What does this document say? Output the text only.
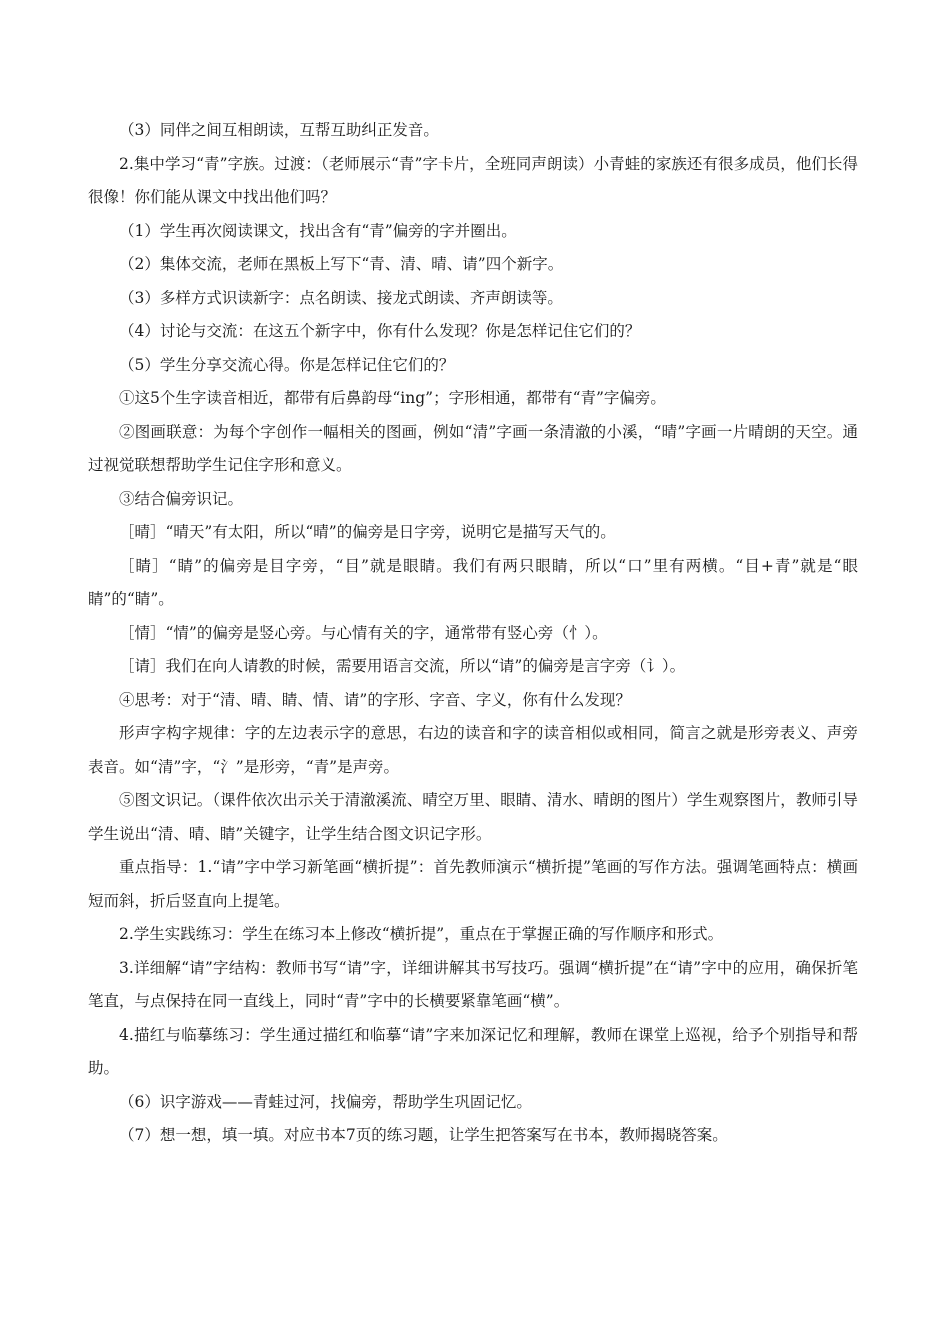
（3）同伴之间互相朗读，互帮互助纠正发音。

2.集中学习“青”字族。过渡：（老师展示“青”字卡片，全班同声朗读）小青蛙的家族还有很多成员，他们长得很像！你们能从课文中找出他们吗？

（1）学生再次阅读课文，找出含有“青”偏旁的字并圈出。

（2）集体交流，老师在黑板上写下“青、清、晴、请”四个新字。

（3）多样方式识读新字：点名朗读、接龙式朗读、齐声朗读等。

（4）讨论与交流：在这五个新字中，你有什么发现？你是怎样记住它们的？

（5）学生分享交流心得。你是怎样记住它们的？

①这5个生字读音相近，都带有后鼻韵母“ing”；字形相通，都带有“青”字偏旁。

②图画联意：为每个字创作一幅相关的图画，例如“清”字画一条清澈的小溪，“晴”字画一片晴朗的天空。通过视觉联想帮助学生记住字形和意义。

③结合偏旁识记。

［晴］“晴天”有太阳，所以“晴”的偏旁是日字旁，说明它是描写天气的。

［睛］“睛”的偏旁是目字旁，“目”就是眼睛。我们有两只眼睛，所以“口”里有两横。“目+青”就是“眼睛”的“睛”。

［情］“情”的偏旁是竖心旁。与心情有关的字，通常带有竖心旁（忄）。

［请］我们在向人请教的时候，需要用语言交流，所以“请”的偏旁是言字旁（讠）。

④思考：对于“清、晴、睛、情、请”的字形、字音、字义，你有什么发现？

形声字构字规律：字的左边表示字的意思，右边的读音和字的读音相似或相同，简言之就是形旁表义、声旁表音。如“清”字，“氵”是形旁，“青”是声旁。

⑤图文识记。（课件依次出示关于清澈溪流、晴空万里、眼睛、清水、晴朗的图片）学生观察图片，教师引导学生说出“清、晴、睛”关键字，让学生结合图文识记字形。

重点指导：1.“请”字中学习新笔画“横折提”：首先教师演示“横折提”笔画的写作方法。强调笔画特点：横画短而斜，折后竖直向上提笔。

2.学生实践练习：学生在练习本上修改“横折提”，重点在于掌握正确的写作顺序和形式。

3.详细解“请”字结构：教师书写“请”字，详细讲解其书写技巧。强调“横折提”在“请”字中的应用，确保折笔笔直，与点保持在同一直线上，同时“青”字中的长横要紧靠笔画“横”。

4.描红与临摹练习：学生通过描红和临摹“请”字来加深记忆和理解，教师在课堂上巡视，给予个别指导和帮助。

（6）识字游戏——青蛙过河，找偏旁，帮助学生巩固记忆。

（7）想一想，填一填。对应书本7页的练习题，让学生把答案写在书本，教师揭晓答案。
